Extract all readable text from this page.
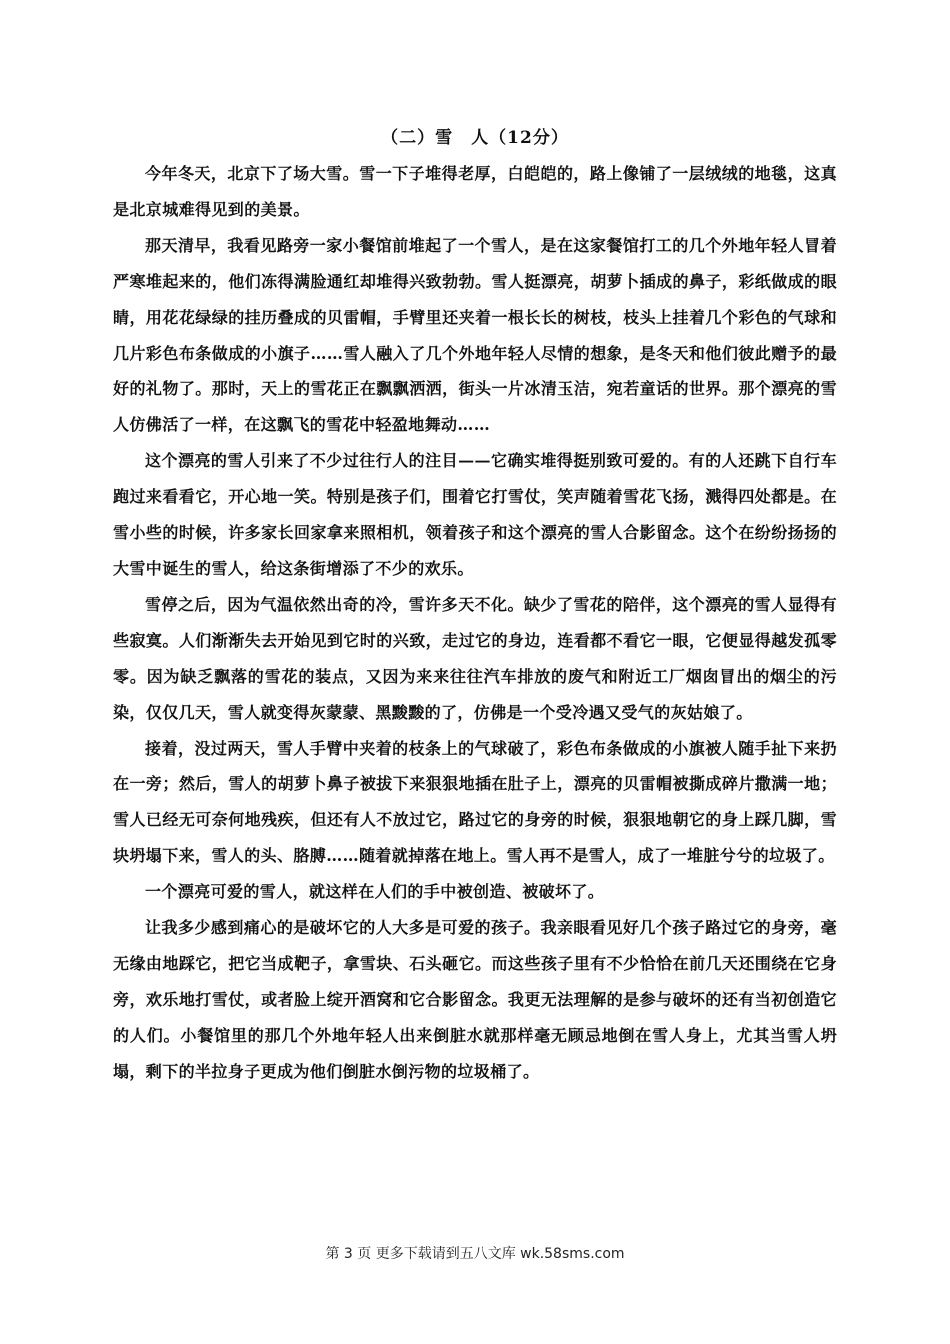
（二）雪　人（12分）

今年冬天，北京下了场大雪。雪一下子堆得老厚，白皑皑的，路上像铺了一层绒绒的地毯，这真是北京城难得见到的美景。

那天清早，我看见路旁一家小餐馆前堆起了一个雪人，是在这家餐馆打工的几个外地年轻人冒着严寒堆起来的，他们冻得满脸通红却堆得兴致勃勃。雪人挺漂亮，胡萝卜插成的鼻子，彩纸做成的眼睛，用花花绿绿的挂历叠成的贝雷帽，手臂里还夹着一根长长的树枝，枝头上挂着几个彩色的气球和几片彩色布条做成的小旗子……雪人融入了几个外地年轻人尽情的想象，是冬天和他们彼此赠予的最好的礼物了。那时，天上的雪花正在飘飘洒洒，街头一片冰清玉洁，宛若童话的世界。那个漂亮的雪人仿佛活了一样，在这飘飞的雪花中轻盈地舞动……

这个漂亮的雪人引来了不少过往行人的注目——它确实堆得挺别致可爱的。有的人还跳下自行车跑过来看看它，开心地一笑。特别是孩子们，围着它打雪仗，笑声随着雪花飞扬，溅得四处都是。在雪小些的时候，许多家长回家拿来照相机，领着孩子和这个漂亮的雪人合影留念。这个在纷纷扬扬的大雪中诞生的雪人，给这条街增添了不少的欢乐。

雪停之后，因为气温依然出奇的冷，雪许多天不化。缺少了雪花的陪伴，这个漂亮的雪人显得有些寂寞。人们渐渐失去开始见到它时的兴致，走过它的身边，连看都不看它一眼，它便显得越发孤零零。因为缺乏飘落的雪花的装点，又因为来来往往汽车排放的废气和附近工厂烟囱冒出的烟尘的污染，仅仅几天，雪人就变得灰蒙蒙、黑黢黢的了，仿佛是一个受冷遇又受气的灰姑娘了。

接着，没过两天，雪人手臂中夹着的枝条上的气球破了，彩色布条做成的小旗被人随手扯下来扔在一旁；然后，雪人的胡萝卜鼻子被拔下来狠狠地插在肚子上，漂亮的贝雷帽被撕成碎片撒满一地；雪人已经无可奈何地残疾，但还有人不放过它，路过它的身旁的时候，狠狠地朝它的身上踩几脚，雪块坍塌下来，雪人的头、胳膊……随着就掉落在地上。雪人再不是雪人，成了一堆脏兮兮的垃圾了。

一个漂亮可爱的雪人，就这样在人们的手中被创造、被破坏了。

让我多少感到痛心的是破坏它的人大多是可爱的孩子。我亲眼看见好几个孩子路过它的身旁，毫无缘由地踩它，把它当成靶子，拿雪块、石头砸它。而这些孩子里有不少恰恰在前几天还围绕在它身旁，欢乐地打雪仗，或者脸上绽开酒窝和它合影留念。我更无法理解的是参与破坏的还有当初创造它的人们。小餐馆里的那几个外地年轻人出来倒脏水就那样毫无顾忌地倒在雪人身上，尤其当雪人坍塌，剩下的半拉身子更成为他们倒脏水倒污物的垃圾桶了。

第 3 页 更多下载请到五八文库 wk.58sms.com
